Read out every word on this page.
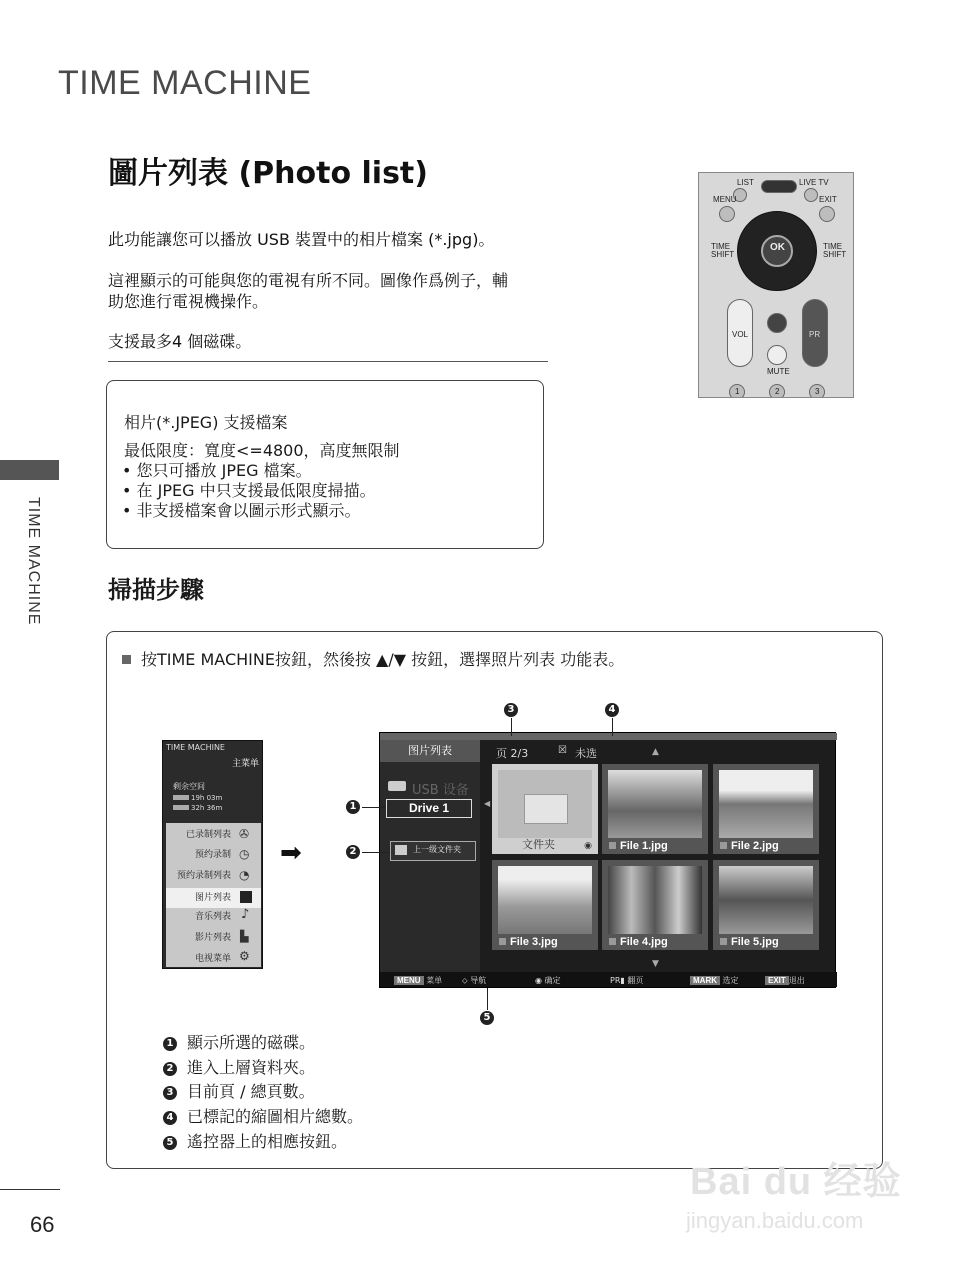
TIME MACHINE
TIME MACHINE
圖片列表 (Photo list)
此功能讓您可以播放 USB 裝置中的相片檔案 (*.jpg)。
這裡顯示的可能與您的電視有所不同。圖像作爲例子，輔
助您進行電視機操作。
支援最多4 個磁碟。
LIST	LIVE TV
MENU	EXIT
OK
TIME SHIFT
TIME SHIFT
VOL	PR
MUTE
1	2	3
相片(*.JPEG) 支援檔案
最低限度：寬度<=4800，高度無限制
• 您只可播放 JPEG 檔案。
• 在 JPEG 中只支援最低限度掃描。
• 非支援檔案會以圖示形式顯示。
掃描步驟
按TIME MACHINE按鈕，然後按 ▲/▼ 按鈕，選擇照片列表 功能表。
TIME MACHINE
主菜单
剩余空间
19h 03m
32h 36m
已录制列表
预约录制
预约录制列表
图片列表
音乐列表
影片列表
电视菜单
✇
◷
◔
♪
▙
⚙
➡
图片列表	页 2/3	☒ 未选	▲
USB 设备
Drive 1
上一级文件夹
◀
文件夹	◉	File 1.jpg	File 2.jpg
File 3.jpg	File 4.jpg	File 5.jpg
▼
MENU 菜单 ⬦ 导航	◉ 确定	PR▮ 翻页	MARK 选定	EXIT 退出
1
2
3	4
5
1 顯示所選的磁碟。
2 進入上層資料夾。
3 目前頁 / 總頁數。
4 已標記的縮圖相片總數。
5 遙控器上的相應按鈕。
66
Bai du 经验
jingyan.baidu.com
